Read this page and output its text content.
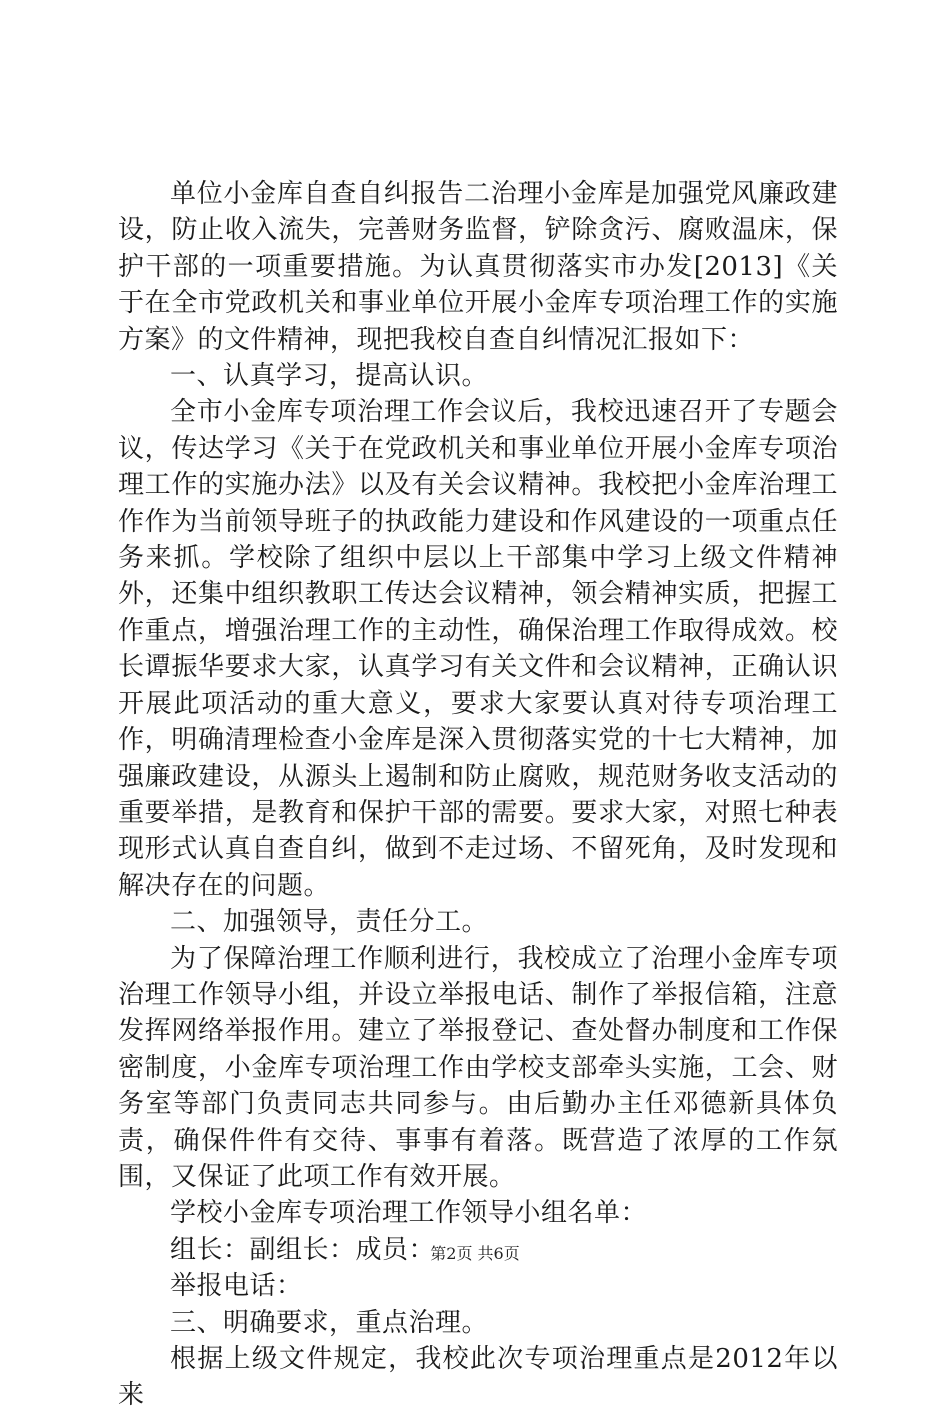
单位小金库自查自纠报告二治理小金库是加强党风廉政建设，防止收入流失，完善财务监督，铲除贪污、腐败温床，保护干部的一项重要措施。为认真贯彻落实市办发[2013]《关于在全市党政机关和事业单位开展小金库专项治理工作的实施方案》的文件精神，现把我校自查自纠情况汇报如下：

一、认真学习，提高认识。

全市小金库专项治理工作会议后，我校迅速召开了专题会议，传达学习《关于在党政机关和事业单位开展小金库专项治理工作的实施办法》以及有关会议精神。我校把小金库治理工作作为当前领导班子的执政能力建设和作风建设的一项重点任务来抓。学校除了组织中层以上干部集中学习上级文件精神外，还集中组织教职工传达会议精神，领会精神实质，把握工作重点，增强治理工作的主动性，确保治理工作取得成效。校长谭振华要求大家，认真学习有关文件和会议精神，正确认识开展此项活动的重大意义，要求大家要认真对待专项治理工作，明确清理检查小金库是深入贯彻落实党的十七大精神，加强廉政建设，从源头上遏制和防止腐败，规范财务收支活动的重要举措，是教育和保护干部的需要。要求大家，对照七种表现形式认真自查自纠，做到不走过场、不留死角，及时发现和解决存在的问题。

二、加强领导，责任分工。

为了保障治理工作顺利进行，我校成立了治理小金库专项治理工作领导小组，并设立举报电话、制作了举报信箱，注意发挥网络举报作用。建立了举报登记、查处督办制度和工作保密制度，小金库专项治理工作由学校支部牵头实施，工会、财务室等部门负责同志共同参与。由后勤办主任邓德新具体负责，确保件件有交待、事事有着落。既营造了浓厚的工作氛围，又保证了此项工作有效开展。

学校小金库专项治理工作领导小组名单：

组长：副组长：成员：

举报电话：

三、明确要求，重点治理。

根据上级文件规定，我校此次专项治理重点是2012年以来

第2页 共6页
